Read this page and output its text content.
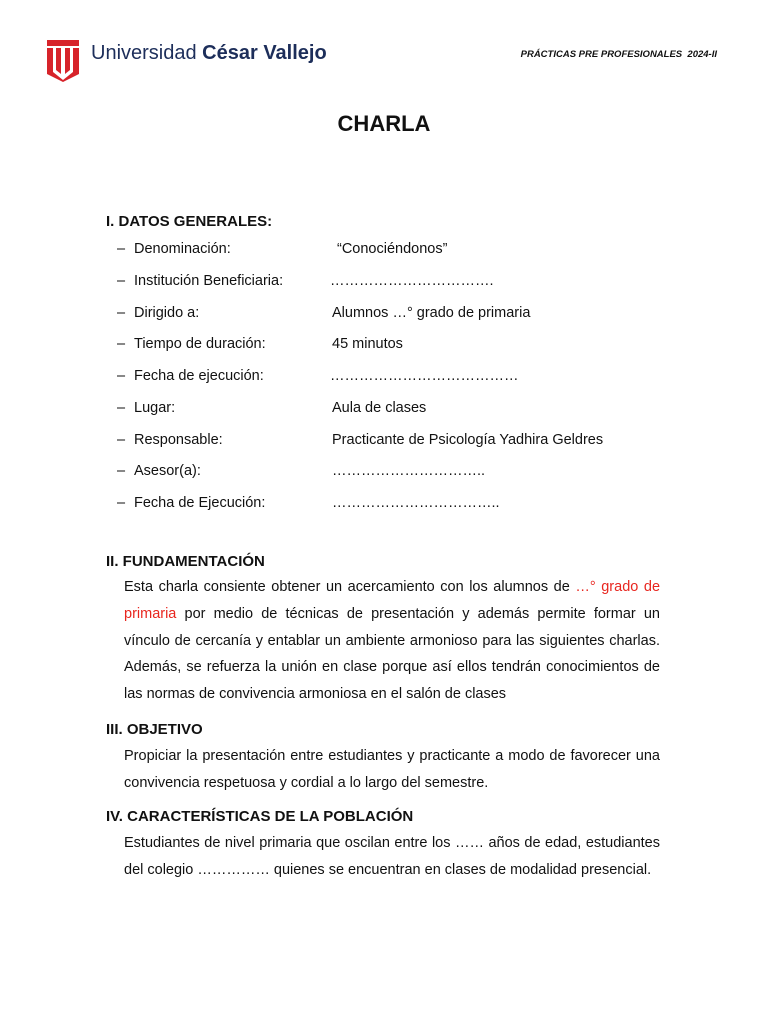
Universidad César Vallejo	PRÁCTICAS PRE PROFESIONALES  2024-II
CHARLA
I. DATOS GENERALES:
– Denominación:	“Conociéndonos”
– Institución Beneficiaria:	…………………………….
– Dirigido a:	Alumnos …° grado de primaria
– Tiempo de duración:	45 minutos
– Fecha de ejecución:	…………………………………
– Lugar:	Aula de clases
– Responsable:	Practicante de Psicología Yadhira Geldres
– Asesor(a):	…………………………..
– Fecha de Ejecución:	……………………………..
II. FUNDAMENTACIÓN
Esta charla consiente obtener un acercamiento con los alumnos de …° grado de primaria por medio de técnicas de presentación y además permite formar un vínculo de cercanía y entablar un ambiente armonioso para las siguientes charlas. Además, se refuerza la unión en clase porque así ellos tendrán conocimientos de las normas de convivencia armoniosa en el salón de clases
III. OBJETIVO
Propiciar la presentación entre estudiantes y practicante a modo de favorecer una convivencia respetuosa y cordial a lo largo del semestre.
IV. CARACTERÍSTICAS DE LA POBLACIÓN
Estudiantes de nivel primaria que oscilan entre los …… años de edad, estudiantes del colegio …………… quienes se encuentran en clases de modalidad presencial.
